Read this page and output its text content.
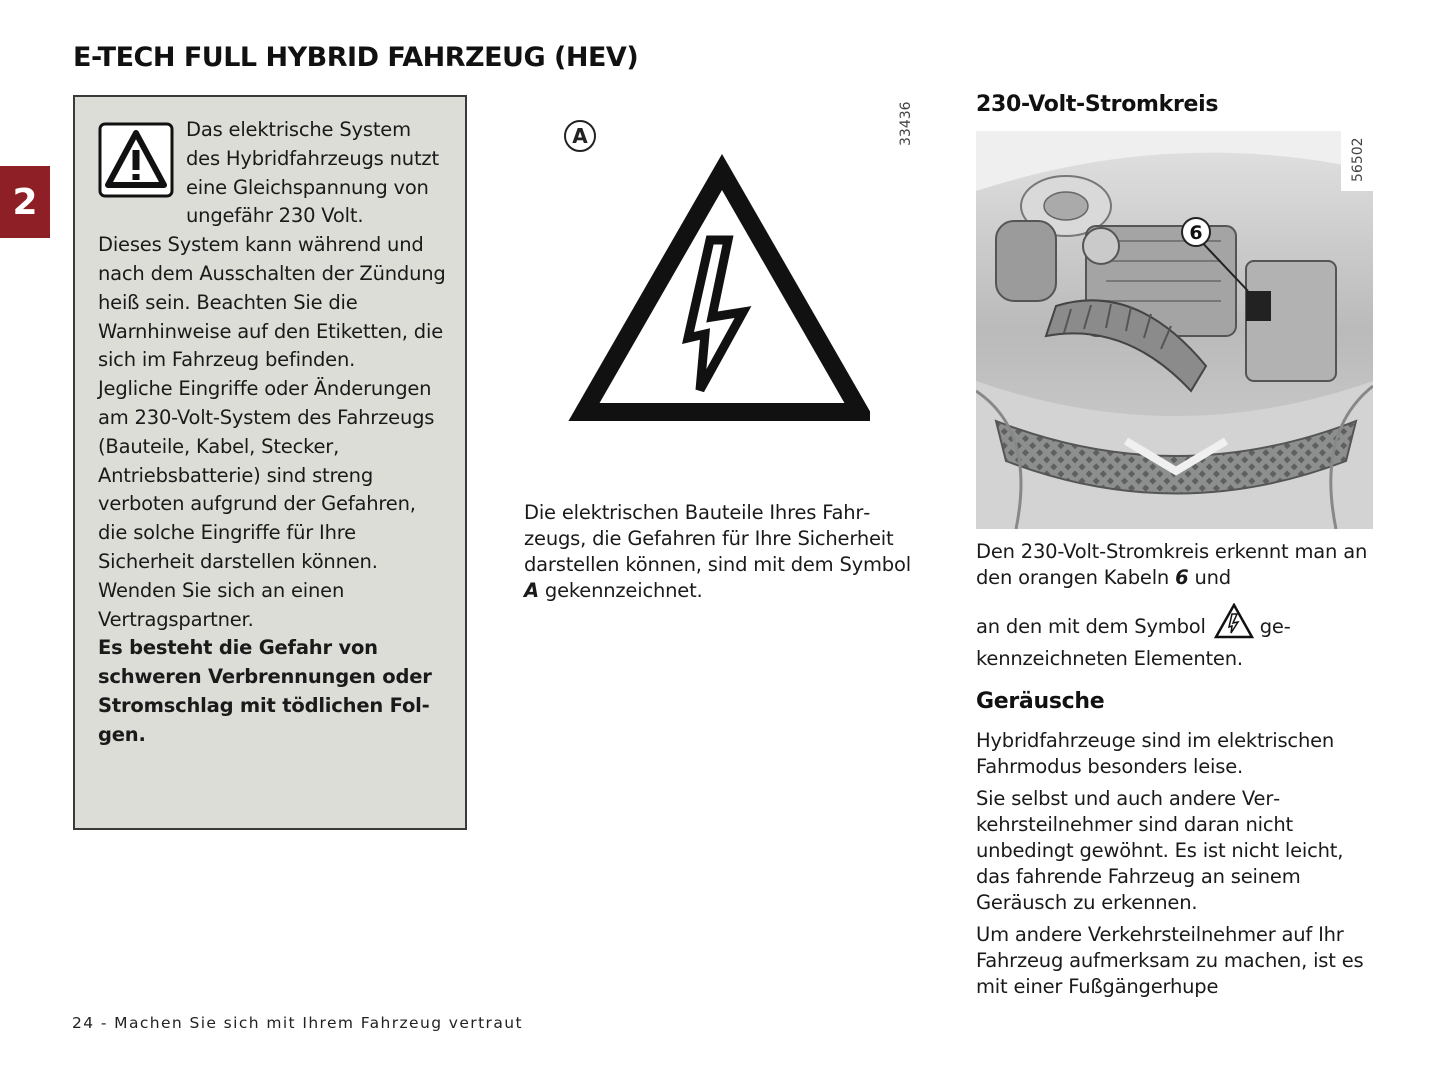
E-TECH FULL HYBRID FAHRZEUG (HEV)
2

Das elektrische System des Hybridfahrzeugs nutzt eine Gleichspannung von ungefähr 230 Volt.

Dieses System kann während und nach dem Ausschalten der Zündung heiß sein. Beachten Sie die Warnhinweise auf den Etiketten, die sich im Fahrzeug befinden.

Jegliche Eingriffe oder Änderungen am 230-Volt-System des Fahrzeugs (Bauteile, Kabel, Stecker, Antriebsbatterie) sind streng verboten aufgrund der Gefahren, die solche Eingriffe für Ihre Sicherheit darstellen können. Wenden Sie sich an einen Vertragspartner.

Es besteht die Gefahr von schweren Verbrennungen oder Stromschlag mit tödlichen Folgen.

A	33436

Die elektrischen Bauteile Ihres Fahrzeugs, die Gefahren für Ihre Sicherheit darstellen können, sind mit dem Symbol A gekennzeichnet.

230-Volt-Stromkreis
6
56502

Den 230-Volt-Stromkreis erkennt man an den orangen Kabeln 6 und

an den mit dem Symbol	gekennzeichneten Elementen.

Geräusche

Hybridfahrzeuge sind im elektrischen Fahrmodus besonders leise.

Sie selbst und auch andere Verkehrsteilnehmer sind daran nicht unbedingt gewöhnt. Es ist nicht leicht, das fahrende Fahrzeug an seinem Geräusch zu erkennen.

Um andere Verkehrsteilnehmer auf Ihr Fahrzeug aufmerksam zu machen, ist es mit einer Fußgängerhupe

24 - Machen Sie sich mit Ihrem Fahrzeug vertraut
